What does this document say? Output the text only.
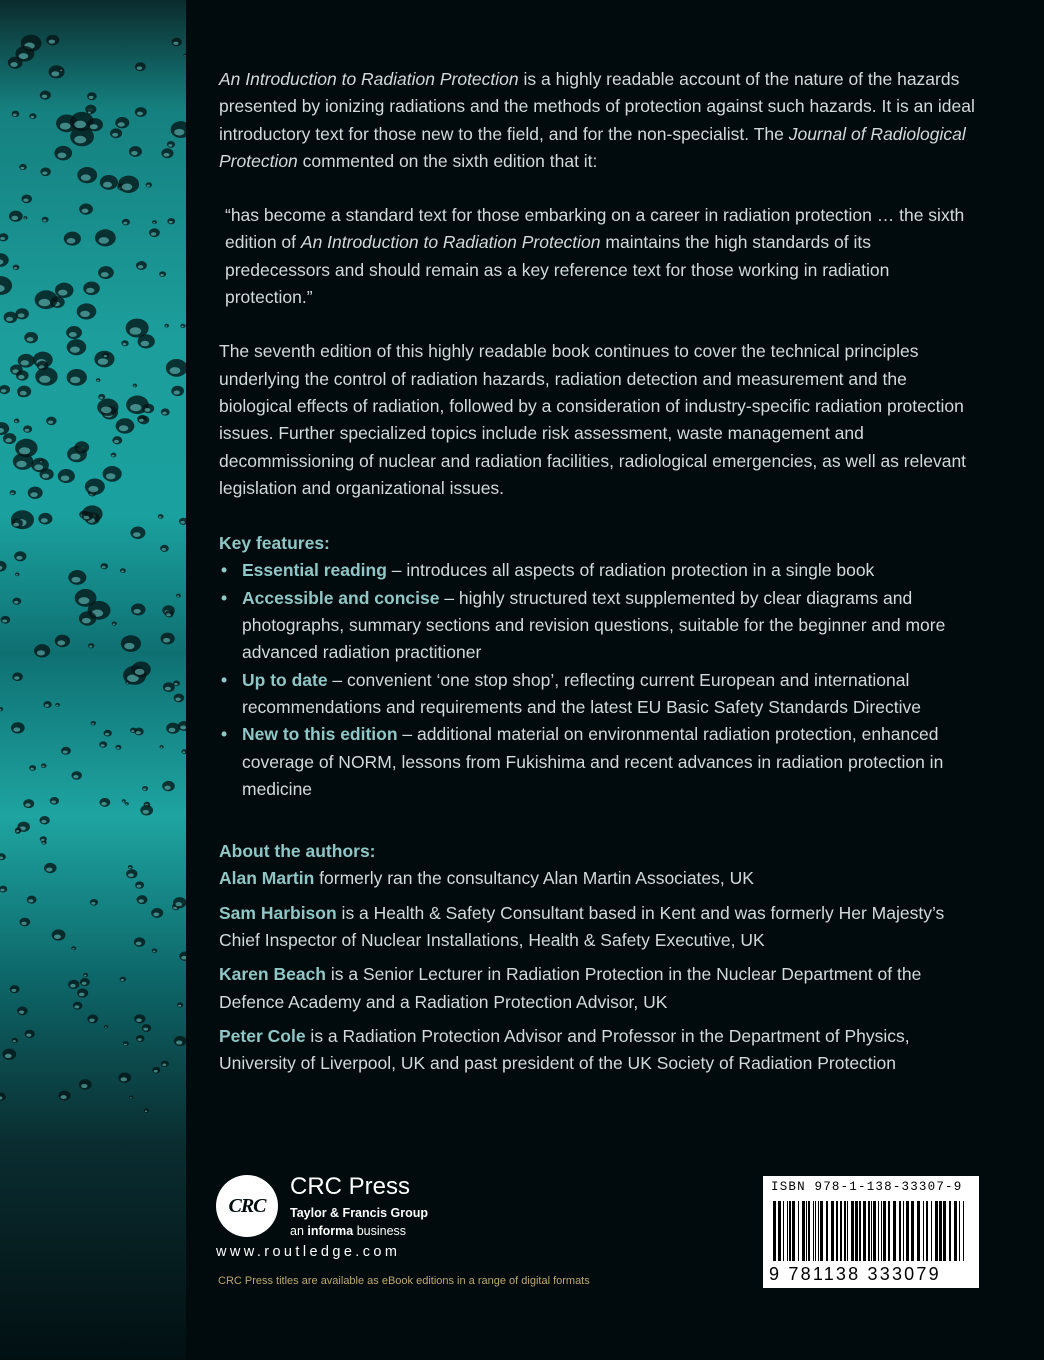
An Introduction to Radiation Protection is a highly readable account of the nature of the hazards presented by ionizing radiations and the methods of protection against such hazards. It is an ideal introductory text for those new to the field, and for the non-specialist. The Journal of Radiological Protection commented on the sixth edition that it:

“has become a standard text for those embarking on a career in radiation protection … the sixth edition of An Introduction to Radiation Protection maintains the high standards of its predecessors and should remain as a key reference text for those working in radiation protection.”

The seventh edition of this highly readable book continues to cover the technical principles underlying the control of radiation hazards, radiation detection and measurement and the biological effects of radiation, followed by a consideration of industry-specific radiation protection issues. Further specialized topics include risk assessment, waste management and decommissioning of nuclear and radiation facilities, radiological emergencies, as well as relevant legislation and organizational issues.

Key features:
• Essential reading – introduces all aspects of radiation protection in a single book
• Accessible and concise – highly structured text supplemented by clear diagrams and photographs, summary sections and revision questions, suitable for the beginner and more advanced radiation practitioner
• Up to date – convenient ‘one stop shop’, reflecting current European and international recommendations and requirements and the latest EU Basic Safety Standards Directive
• New to this edition – additional material on environmental radiation protection, enhanced coverage of NORM, lessons from Fukishima and recent advances in radiation protection in medicine
About the authors:

Alan Martin formerly ran the consultancy Alan Martin Associates, UK

Sam Harbison is a Health & Safety Consultant based in Kent and was formerly Her Majesty’s Chief Inspector of Nuclear Installations, Health & Safety Executive, UK

Karen Beach is a Senior Lecturer in Radiation Protection in the Nuclear Department of the Defence Academy and a Radiation Protection Advisor, UK

Peter Cole is a Radiation Protection Advisor and Professor in the Department of Physics, University of Liverpool, UK and past president of the UK Society of Radiation Protection

CRC
CRC Press
Taylor & Francis Group
an informa business
www.routledge.com
CRC Press titles are available as eBook editions in a range of digital formats
ISBN 978-1-138-33307-9
9 781138 333079
